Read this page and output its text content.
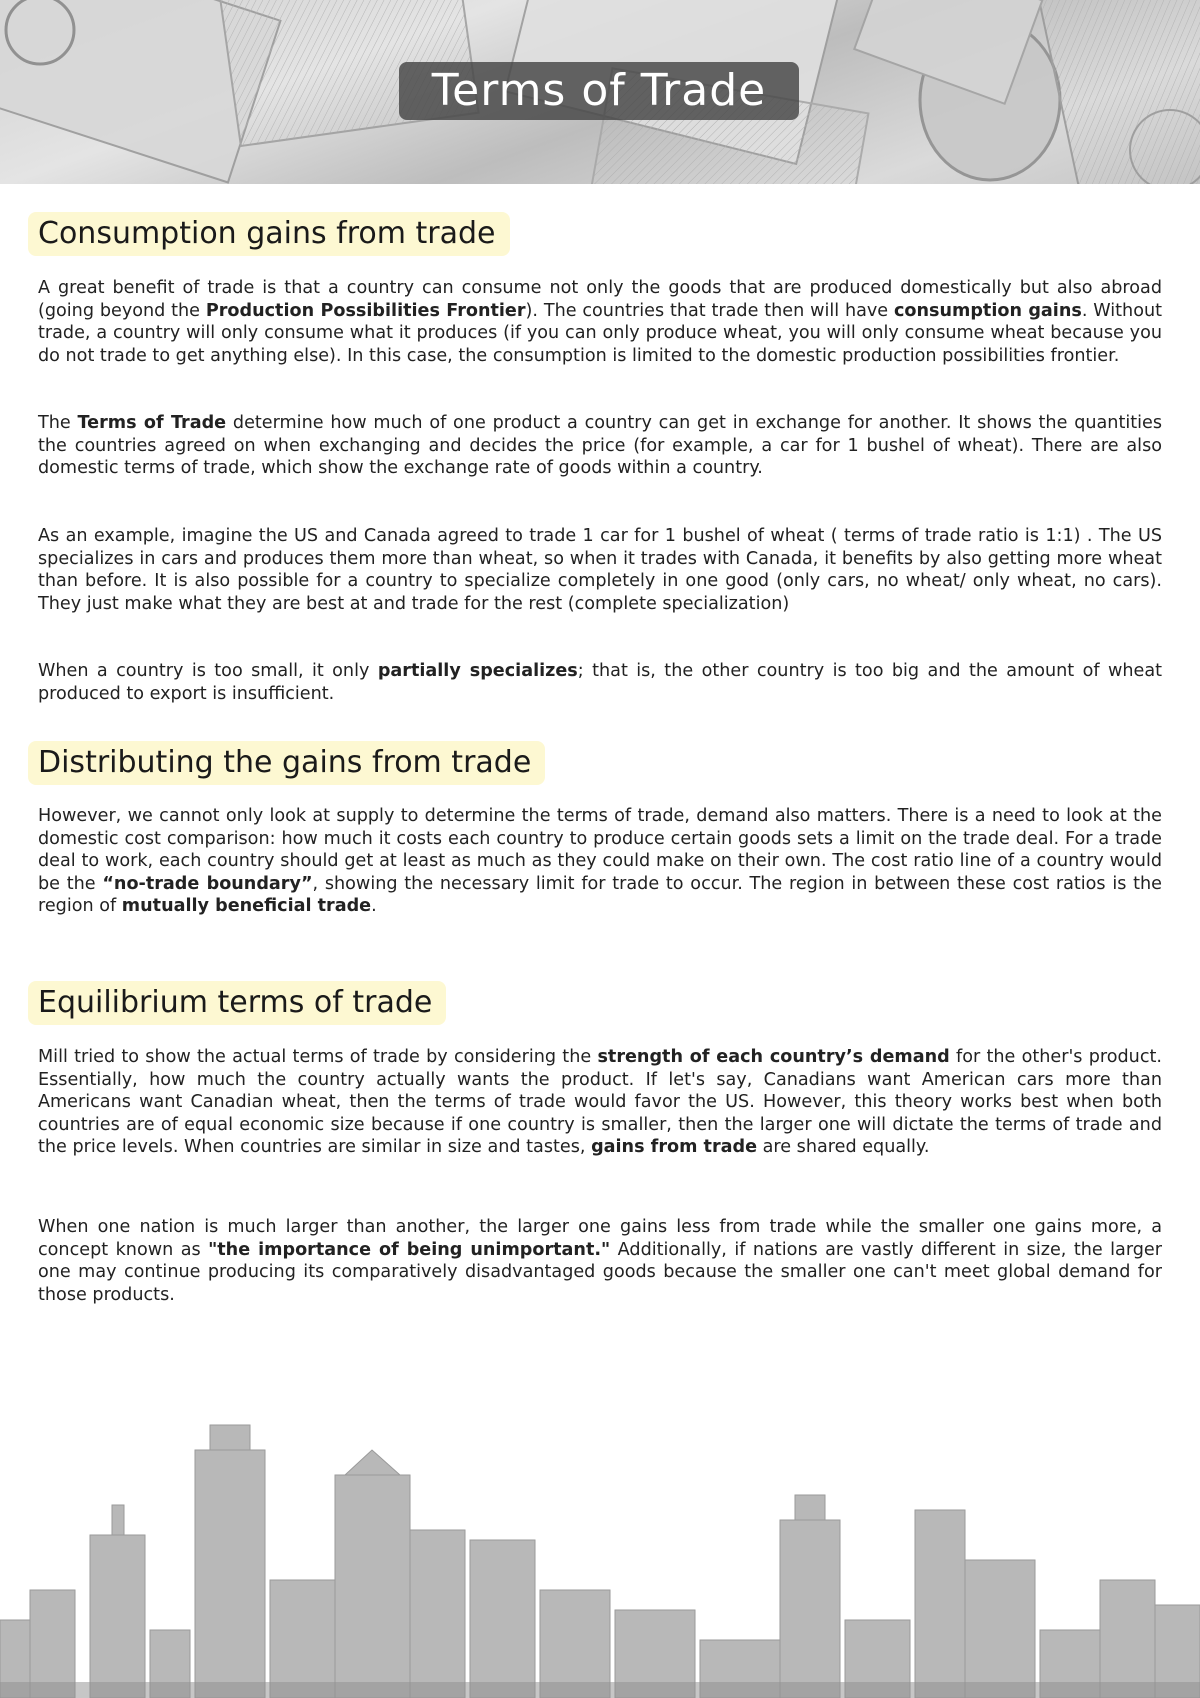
Terms of Trade
Consumption gains from trade

A great benefit of trade is that a country can consume not only the goods that are produced domestically but also abroad (going beyond the Production Possibilities Frontier). The countries that trade then will have consumption gains. Without trade, a country will only consume what it produces (if you can only produce wheat, you will only consume wheat because you do not trade to get anything else). In this case, the consumption is limited to the domestic production possibilities frontier.

The Terms of Trade determine how much of one product a country can get in exchange for another. It shows the quantities the countries agreed on when exchanging and decides the price (for example, a car for 1 bushel of wheat). There are also domestic terms of trade, which show the exchange rate of goods within a country.

As an example, imagine the US and Canada agreed to trade 1 car for 1 bushel of wheat ( terms of trade ratio is 1:1) . The US specializes in cars and produces them more than wheat, so when it trades with Canada, it benefits by also getting more wheat than before. It is also possible for a country to specialize completely in one good (only cars, no wheat/ only wheat, no cars). They just make what they are best at and trade for the rest (complete specialization)

When a country is too small, it only partially specializes; that is, the other country is too big and the amount of wheat produced to export is insufficient.

Distributing the gains from trade

However, we cannot only look at supply to determine the terms of trade, demand also matters. There is a need to look at the domestic cost comparison: how much it costs each country to produce certain goods sets a limit on the trade deal. For a trade deal to work, each country should get at least as much as they could make on their own. The cost ratio line of a country would be the “no-trade boundary”, showing the necessary limit for trade to occur. The region in between these cost ratios is the region of mutually beneficial trade.

Equilibrium terms of trade

Mill tried to show the actual terms of trade by considering the strength of each country’s demand for the other's product. Essentially, how much the country actually wants the product. If let's say, Canadians want American cars more than Americans want Canadian wheat, then the terms of trade would favor the US. However, this theory works best when both countries are of equal economic size because if one country is smaller, then the larger one will dictate the terms of trade and the price levels. When countries are similar in size and tastes, gains from trade are shared equally.

When one nation is much larger than another, the larger one gains less from trade while the smaller one gains more, a concept known as "the importance of being unimportant." Additionally, if nations are vastly different in size, the larger one may continue producing its comparatively disadvantaged goods because the smaller one can't meet global demand for those products.
